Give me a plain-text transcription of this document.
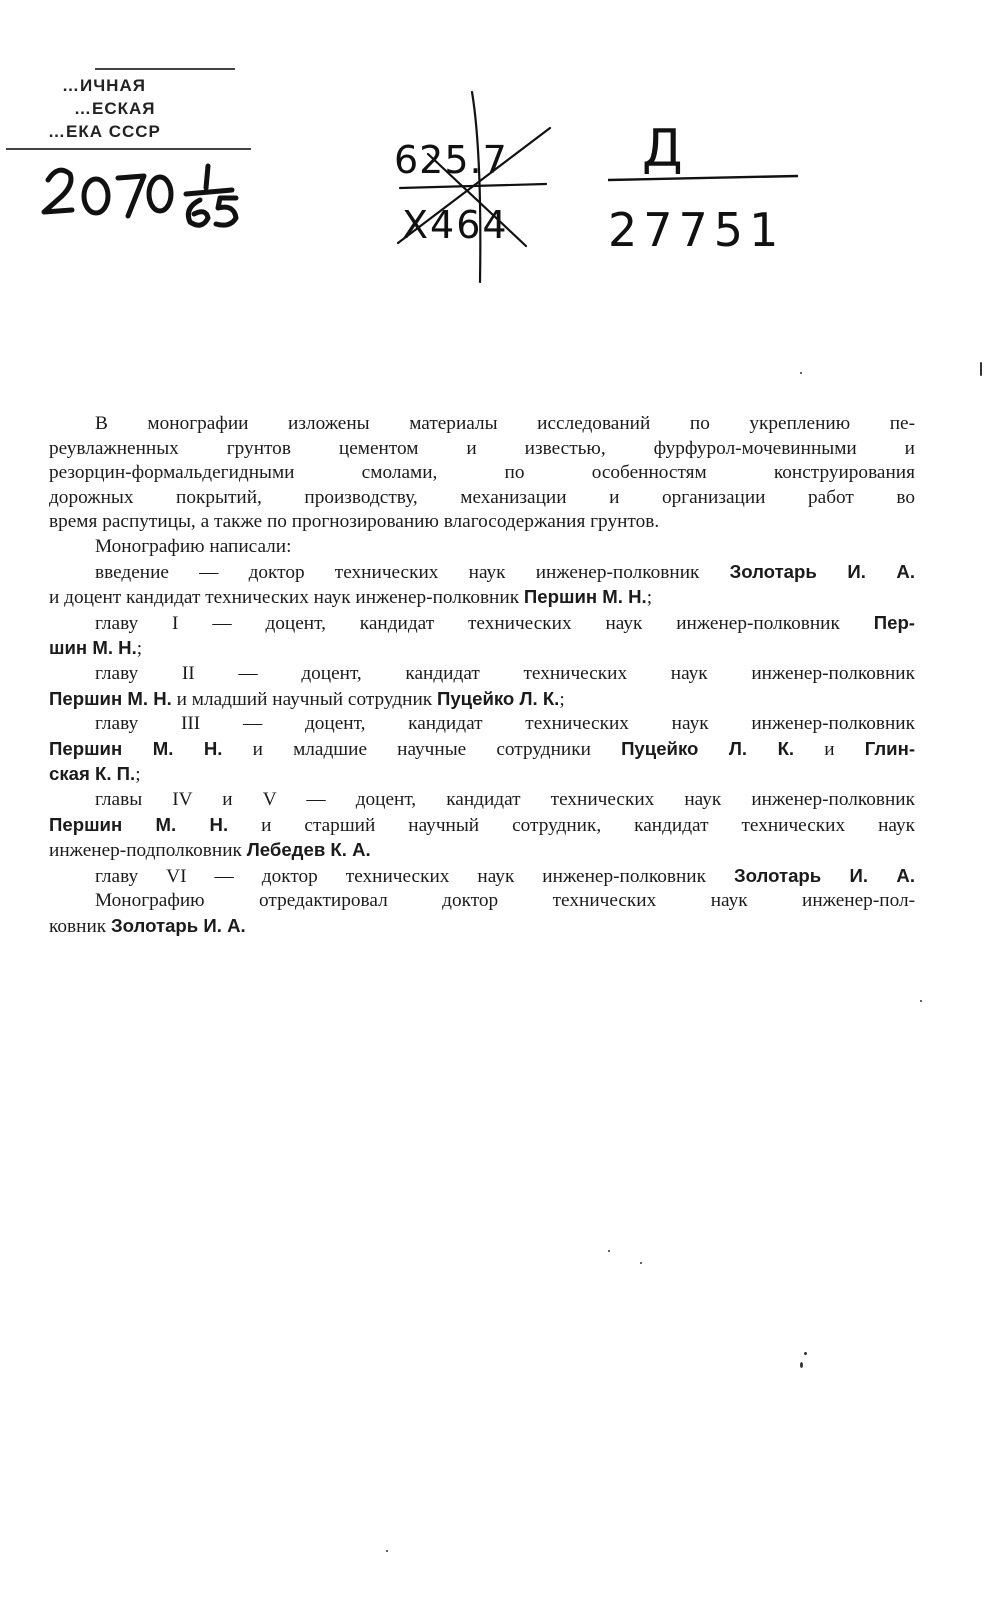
…ИЧНАЯ
…ЕСКАЯ
…ЕКА СССР
2070 1/65
625.7
Х464
Д
27751

В монографии изложены материалы исследований по укреплению пе-

реувлажненных грунтов цементом и известью, фурфурол-мочевинными и

резорцин-формальдегидными смолами, по особенностям конструирования

дорожных покрытий, производству, механизации и организации работ во

время распутицы, а также по прогнозированию влагосодержания грунтов.

Монографию написали:

введение — доктор технических наук инженер-полковник Золотарь И. А.

и доцент кандидат технических наук инженер-полковник Першин М. Н.;

главу I — доцент, кандидат технических наук инженер-полковник Пер-

шин М. Н.;

главу II — доцент, кандидат технических наук инженер-полковник

Першин М. Н. и младший научный сотрудник Пуцейко Л. К.;

главу III — доцент, кандидат технических наук инженер-полковник

Першин М. Н. и младшие научные сотрудники Пуцейко Л. К. и Глин-

ская К. П.;

главы IV и V — доцент, кандидат технических наук инженер-полковник

Першин М. Н. и старший научный сотрудник, кандидат технических наук

инженер-подполковник Лебедев К. А.

главу VI — доктор технических наук инженер-полковник Золотарь И. А.

Монографию отредактировал доктор технических наук инженер-пол-

ковник Золотарь И. А.
